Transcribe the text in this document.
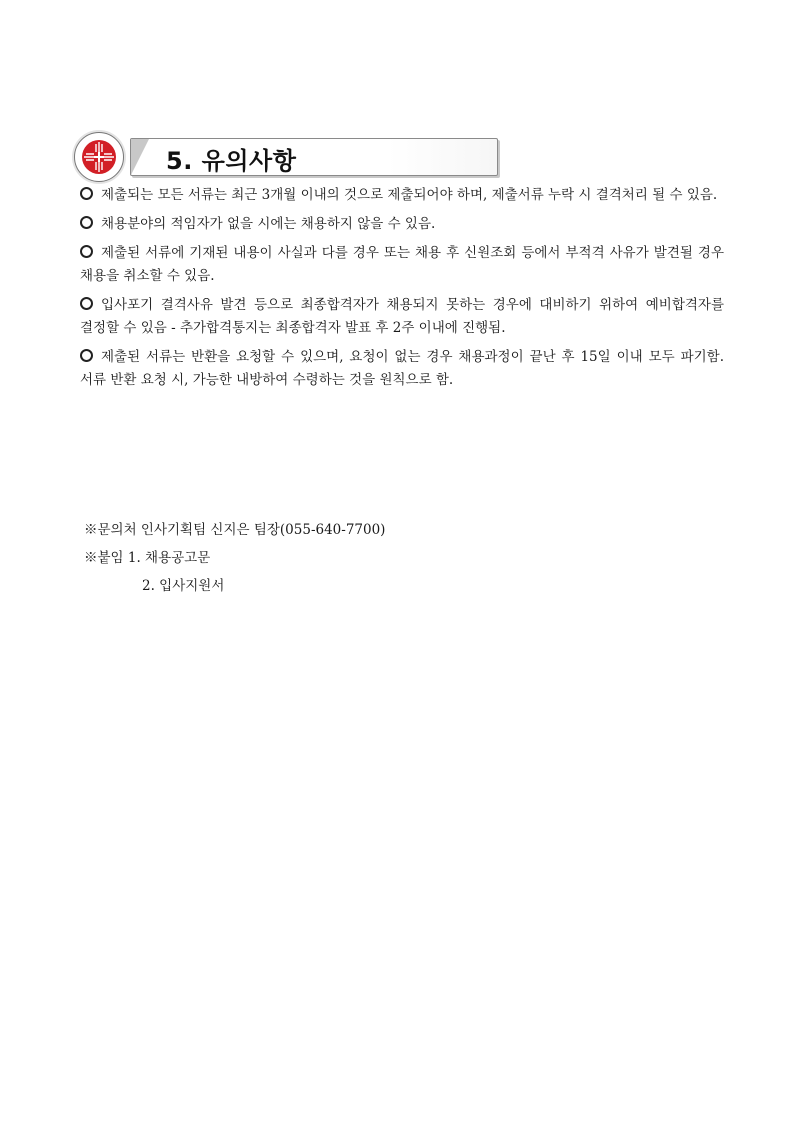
5. 유의사항
제출되는 모든 서류는 최근 3개월 이내의 것으로 제출되어야 하며, 제출서류 누락 시 결격처리 될 수 있음.
채용분야의 적임자가 없을 시에는 채용하지 않을 수 있음.
제출된 서류에 기재된 내용이 사실과 다를 경우 또는 채용 후 신원조회 등에서 부적격 사유가 발견될 경우 채용을 취소할 수 있음.
입사포기 결격사유 발견 등으로 최종합격자가 채용되지 못하는 경우에 대비하기 위하여 예비합격자를 결정할 수 있음 - 추가합격통지는 최종합격자 발표 후 2주 이내에 진행됨.
제출된 서류는 반환을 요청할 수 있으며, 요청이 없는 경우 채용과정이 끝난 후 15일 이내 모두 파기함. 서류 반환 요청 시, 가능한 내방하여 수령하는 것을 원칙으로 함.
※문의처 인사기획팀 신지은 팀장(055-640-7700)
※붙임 1. 채용공고문
2. 입사지원서
